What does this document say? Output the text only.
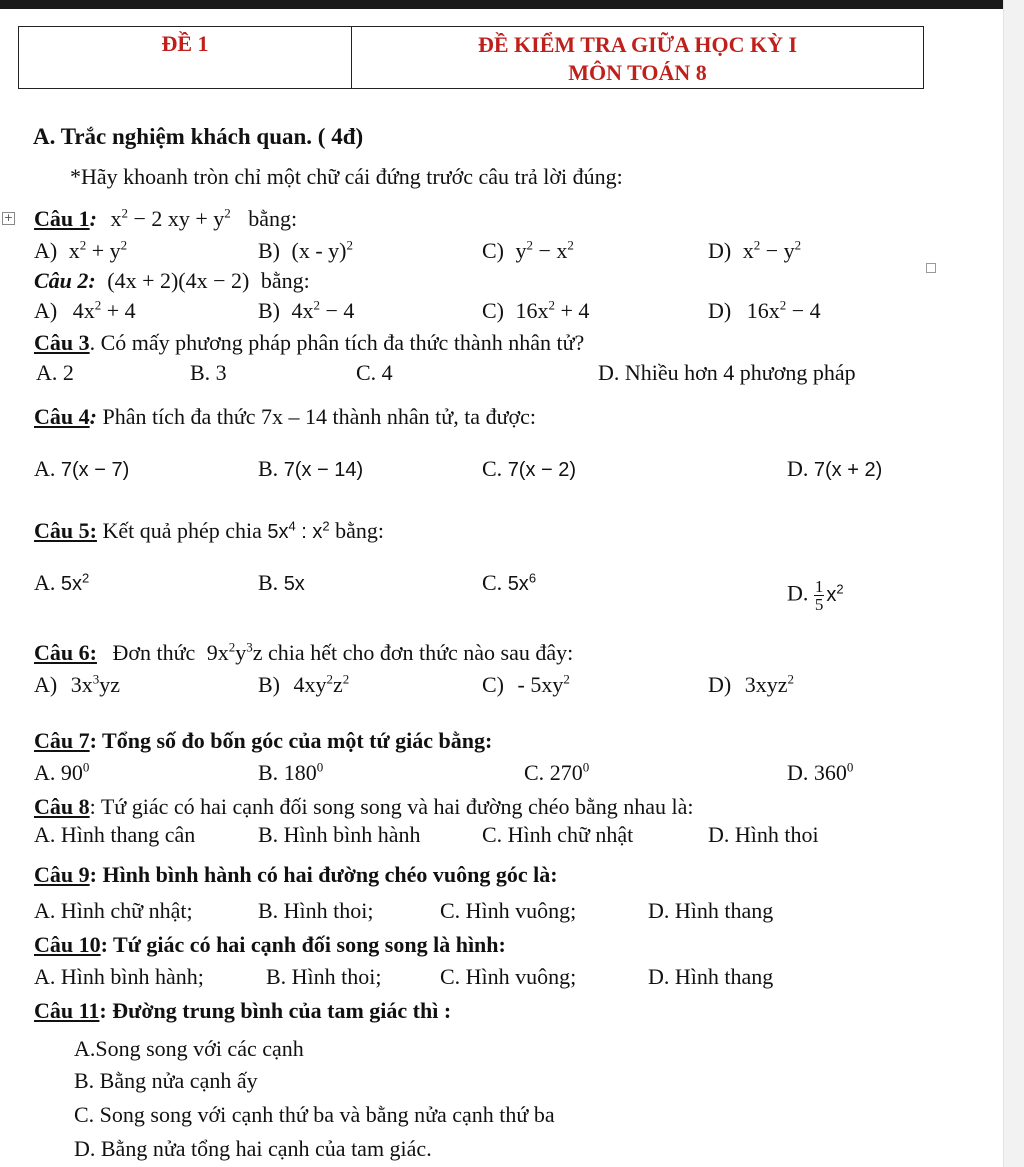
ĐỀ 1	ĐỀ KIỂM TRA GIỮA HỌC KỲ I
MÔN TOÁN 8
A. Trắc nghiệm khách quan. ( 4đ)
*Hãy khoanh tròn chỉ một chữ cái đứng trước câu trả lời đúng:
+ Câu 1: $x^2 - 2$ xy + $y^2$ bằng:
A) $x^2 + y^2$	B) (x - y)$^2$	C) $y^2 - x^2$	D) $x^2 - y^2$
Câu 2: (4x + 2)(4x − 2) bằng:
A) $4x^2 + 4$	B) $4x^2 - 4$	C) $16x^2 + 4$	D) $16x^2 - 4$
Câu 3. Có mấy phương pháp phân tích đa thức thành nhân tử?
A. 2	B. 3	C. 4	D. Nhiều hơn 4 phương pháp
Câu 4: Phân tích đa thức 7x – 14 thành nhân tử, ta được:
A. 7(x − 7)	B. 7(x − 14)	C. 7(x − 2)	D. 7(x + 2)
Câu 5: Kết quả phép chia $5x^4$ : $x^2$ bằng:
A. $5x^2$	B. 5x	C. $5x^6$
D. $\frac{1}{5} x^2$
Câu 6: Đơn thức $9x^2y^3z$ chia hết cho đơn thức nào sau đây:
A) $3x^3yz$	B) $4xy^2z^2$	$C) - 5xy^2$	D) 3xyz$^2$
Câu 7: Tổng số đo bốn góc của một tứ giác bằng:
A. $90^0$	B. $180^0$	C. $270^0$	D. $360^0$
Câu 8: Tứ giác có hai cạnh đối song song và hai đường chéo bằng nhau là:
A. Hình thang cân	B. Hình bình hành	C. Hình chữ nhật	D. Hình thoi
Câu 9: Hình bình hành có hai đường chéo vuông góc là:
A. Hình chữ nhật;	B. Hình thoi;	C. Hình vuông;	D. Hình thang
Câu 10: Tứ giác có hai cạnh đối song song là hình:
A. Hình bình hành;	B. Hình thoi;	C. Hình vuông;	D. Hình thang
Câu 11: Đường trung bình của tam giác thì :
A.Song song với các cạnh
B. Bằng nửa cạnh ấy
C. Song song với cạnh thứ ba và bằng nửa cạnh thứ ba
D. Bằng nửa tổng hai cạnh của tam giác.
